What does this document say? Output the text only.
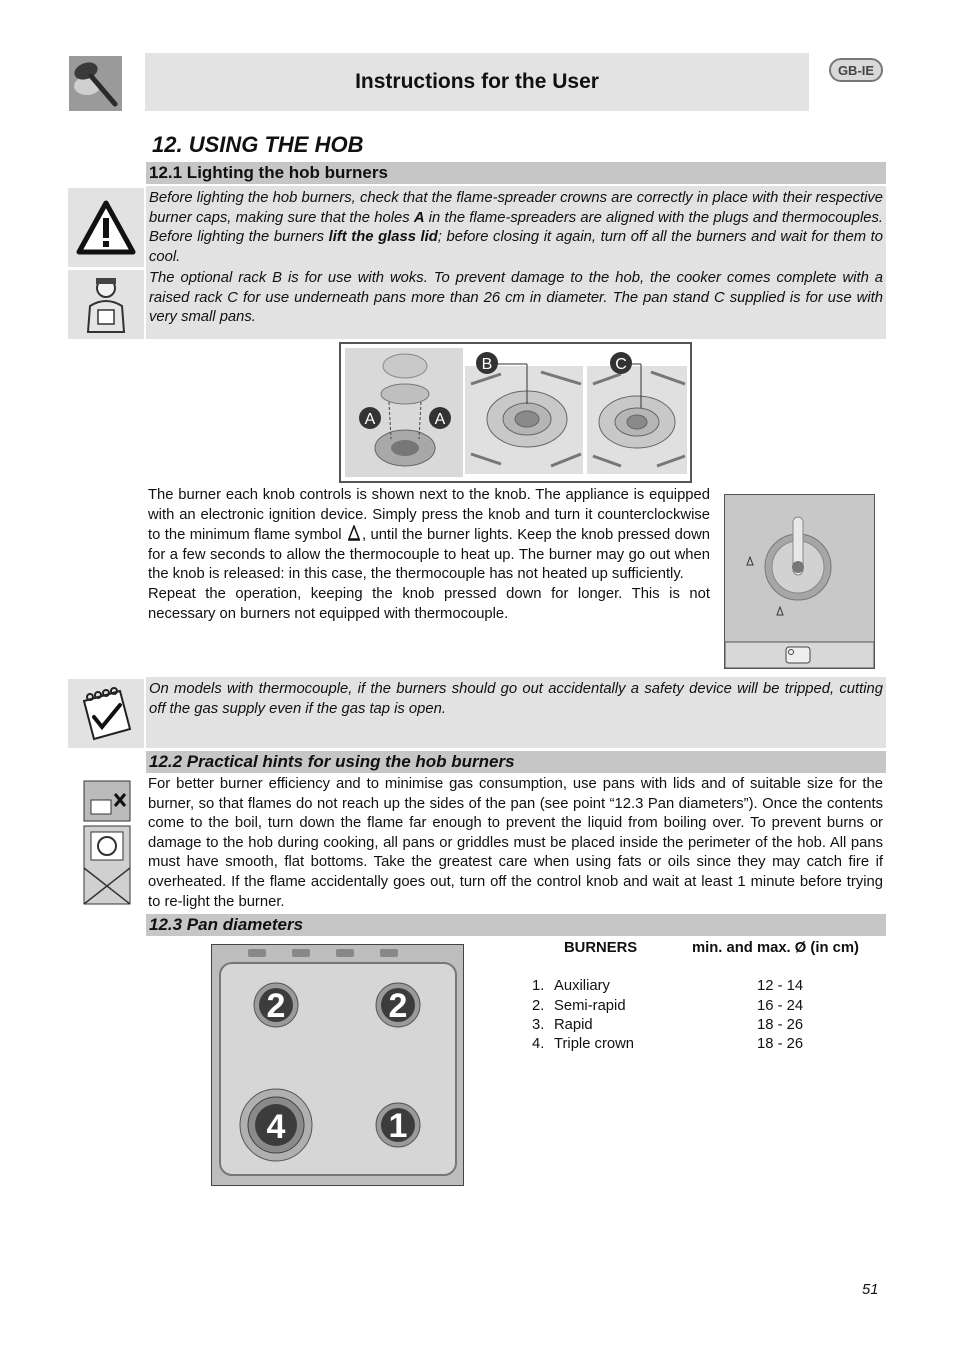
Instructions for the User	GB-IE
12. USING THE HOB
12.1 Lighting the hob burners
Before lighting the hob burners, check that the flame-spreader crowns are correctly in place with their respective burner caps, making sure that the holes A in the flame-spreaders are aligned with the plugs and thermocouples. Before lighting the burners lift the glass lid; before closing it again, turn off all the burners and wait for them to cool.
The optional rack B is for use with woks. To prevent damage to the hob, the cooker comes complete with a raised rack C for use underneath pans more than 26 cm in diameter. The pan stand C supplied is for use with very small pans.
A	A
B	C
The burner each knob controls is shown next to the knob. The appliance is equipped with an electronic ignition device. Simply press the knob and turn it counterclockwise to the minimum flame symbol , until the burner lights. Keep the knob pressed down for a few seconds to allow the thermocouple to heat up. The burner may go out when the knob is released: in this case, the thermocouple has not heated up sufficiently.
Repeat the operation, keeping the knob pressed down for longer. This is not necessary on burners not equipped with thermocouple.
On models with thermocouple, if the burners should go out accidentally a safety device will be tripped, cutting off the gas supply even if the gas tap is open.
12.2 Practical hints for using the hob burners
For better burner efficiency and to minimise gas consumption, use pans with lids and of suitable size for the burner, so that flames do not reach up the sides of the pan (see point “12.3 Pan diameters”). Once the contents come to the boil, turn down the flame far enough to prevent the liquid from boiling over. To prevent burns or damage to the hob during cooking, all pans or griddles must be placed inside the perimeter of the hob. All pans must have smooth, flat bottoms. Take the greatest care when using fats or oils since they may catch fire if overheated. If the flame accidentally goes out, turn off the control knob and wait at least 1 minute before trying to re-light the burner.
12.3 Pan diameters
2	2
4	1
BURNERS	min. and max. Ø (in cm)
1. Auxiliary	12 - 14
2. Semi-rapid	16 - 24
3. Rapid	18 - 26
4. Triple crown	18 - 26
51
